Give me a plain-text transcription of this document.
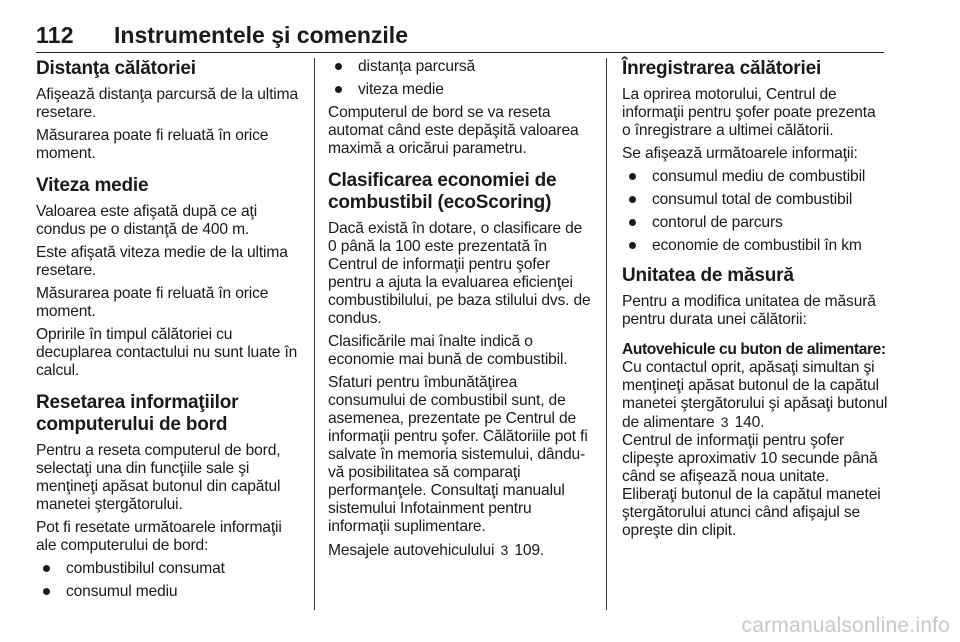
112 Instrumentele şi comenzile
Distanţa călătoriei

Afişează distanţa parcursă de la ultima resetare.

Măsurarea poate fi reluată în orice moment.

Viteza medie

Valoarea este afişată după ce aţi condus pe o distanţă de 400 m.

Este afişată viteza medie de la ultima resetare.

Măsurarea poate fi reluată în orice moment.

Opririle în timpul călătoriei cu decuplarea contactului nu sunt luate în calcul.

Resetarea informaţiilor computerului de bord

Pentru a reseta computerul de bord, selectaţi una din funcţiile sale şi menţineţi apăsat butonul din capătul manetei ştergătorului.

Pot fi resetate următoarele informaţii ale computerului de bord:

combustibilul consumat
consumul mediu
distanţa parcursă
viteza medie

Computerul de bord se va reseta automat când este depăşită valoarea maximă a oricărui parametru.

Clasificarea economiei de combustibil (ecoScoring)

Dacă există în dotare, o clasificare de 0 până la 100 este prezentată în Centrul de informaţii pentru şofer pentru a ajuta la evaluarea eficienţei combustibilului, pe baza stilului dvs. de condus.

Clasificările mai înalte indică o economie mai bună de combustibil.

Sfaturi pentru îmbunătăţirea consumului de combustibil sunt, de asemenea, prezentate pe Centrul de informaţii pentru şofer. Călătoriile pot fi salvate în memoria sistemului, dându-vă posibilitatea să comparaţi performanţele. Consultaţi manualul sistemului Infotainment pentru informaţii suplimentare.

Mesajele autovehiculului 3 109.

Înregistrarea călătoriei

La oprirea motorului, Centrul de informaţii pentru şofer poate prezenta o înregistrare a ultimei călătorii.

Se afişează următoarele informaţii:

consumul mediu de combustibil
consumul total de combustibil
contorul de parcurs
economie de combustibil în km
Unitatea de măsură

Pentru a modifica unitatea de măsură pentru durata unei călătorii:

Autovehicule cu buton de alimentare:

Cu contactul oprit, apăsaţi simultan şi menţineţi apăsat butonul de la capătul manetei ştergătorului şi apăsaţi butonul de alimentare 3 140.

Centrul de informaţii pentru şofer clipeşte aproximativ 10 secunde până când se afişează noua unitate.

Eliberaţi butonul de la capătul manetei ştergătorului atunci când afişajul se opreşte din clipit.

carmanualsonline.info
